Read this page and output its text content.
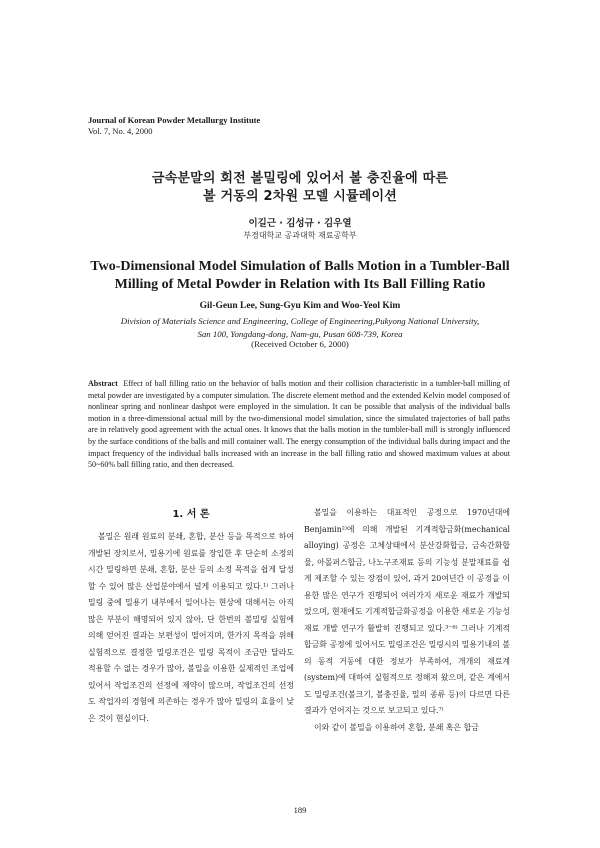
Journal of Korean Powder Metallurgy Institute
Vol. 7, No. 4, 2000
금속분말의 회전 볼밀링에 있어서 볼 충진율에 따른
볼 거동의 2차원 모델 시뮬레이션
이길근 · 김성규 · 김우열
부경대학교 공과대학 재료공학부
Two-Dimensional Model Simulation of Balls Motion in a Tumbler-Ball
Milling of Metal Powder in Relation with Its Ball Filling Ratio
Gil-Geun Lee, Sung-Gyu Kim and Woo-Yeol Kim
Division of Materials Science and Engineering, College of Engineering,Pukyong National University,
San 100, Yongdang-dong, Nam-gu, Pusan 608-739, Korea
(Received October 6, 2000)
Abstract Effect of ball filling ratio on the behavior of balls motion and their collision characteristic in a tumbler-ball milling of metal powder are investigated by a computer simulation. The discrete element method and the extended Kelvin model composed of nonlinear spring and nonlinear dashpot were employed in the simulation. It can be possible that analysis of the individual balls motion in a three-dimensional actual mill by the two-dimensional model simulation, since the simulated trajectories of ball paths are in relatively good agreement with the actual ones. It knows that the balls motion in the tumbler-ball mill is strongly influenced by the surface conditions of the balls and mill container wall. The energy consumption of the individual balls during impact and the impact frequency of the individual balls increased with an increase in the ball filling ratio and showed maximum values at about 50~60% ball filling ratio, and then decreased.
1. 서 론

볼밀은 원래 원료의 분쇄, 혼합, 분산 등을 목적으로 하여 개발된 장치로서, 밀용기에 원료를 장입한 후 단순히 소정의 시간 밀링하면 분쇄, 혼합, 분산 등의 소정 목적을 쉽게 달성할 수 있어 많은 산업분야에서 널게 이용되고 있다.¹⁾ 그러나 밀링 중에 밀용기 내부에서 일어나는 현상에 대해서는 아직 많은 부분이 해명되어 있지 않아, 단 한번의 볼밀링 실험에 의해 얻어진 결과는 보편성이 떨어지며, 한가지 목적을 위해 실험적으로 결정한 밀링조건은 밀링 목적이 조금만 달라도 적용할 수 없는 경우가 많아, 볼밀을 이용한 실제적인 조업에 있어서 작업조건의 선정에 제약이 많으며, 작업조건의 선정도 작업자의 경험에 의존하는 경우가 많아 밀링의 효율이 낮은 것이 현실이다.

볼밀을 이용하는 대표적인 공정으로 1970년대에 Benjamin²⁾에 의해 개발된 기계적합금화(mechanical alloying) 공정은 고체상태에서 분산강화합금, 금속간화합물, 아몰퍼스합금, 나노구조재료 등의 기능성 분말재료를 쉽게 제조할 수 있는 장점이 있어, 과거 20여년간 이 공정을 이용한 많은 연구가 진행되어 여러가지 새로운 재료가 개발되었으며, 현재에도 기계적합금화공정을 이용한 새로운 기능성 재료 개발 연구가 활발히 진행되고 있다.³⁻⁶⁾ 그러나 기계적합금화 공정에 있어서도 밀링조건은 밀링시의 밀용기내의 볼의 동적 거동에 대한 정보가 부족하여, 개개의 재료계(system)에 대하여 실험적으로 정해져 왔으며, 같은 계에서도 밀링조건(볼크기, 볼충진율, 밀의 종류 등)이 다르면 다른 결과가 얻어지는 것으로 보고되고 있다.⁷⁾

이와 같이 볼밀을 이용하여 혼합, 분쇄 혹은 합금

189
